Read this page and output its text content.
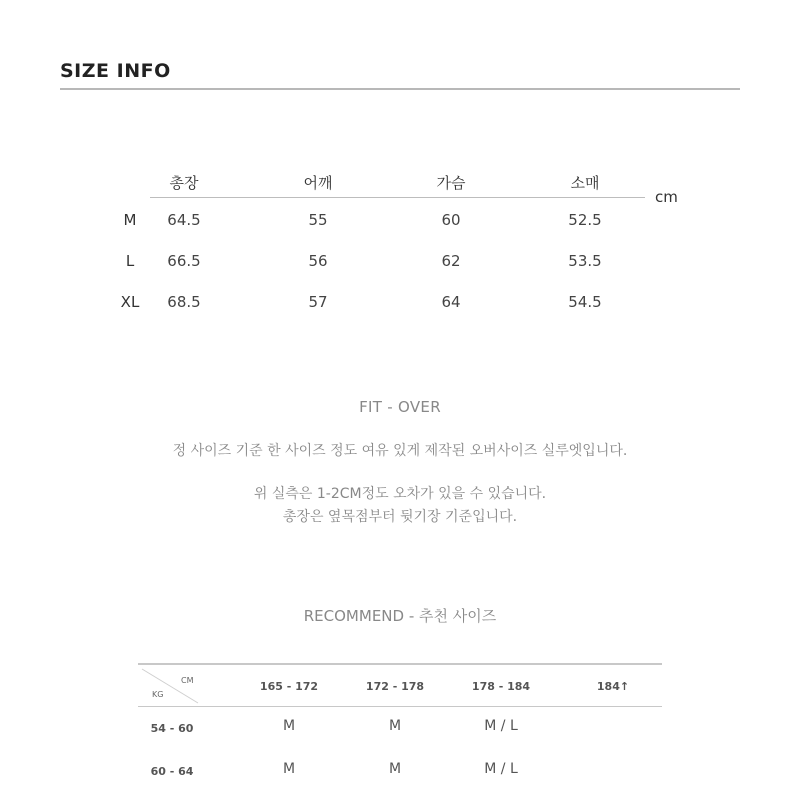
SIZE INFO
총장	어깨	가슴	소매
cm
M	64.5	55	60	52.5
L	66.5	56	62	53.5
XL	68.5	57	64	54.5
FIT - OVER
정 사이즈 기준 한 사이즈 정도 여유 있게 제작된 오버사이즈 실루엣입니다.
위 실측은 1-2CM정도 오차가 있을 수 있습니다.
총장은 옆목점부터 뒷기장 기준입니다.
RECOMMEND - 추천 사이즈
CM
KG
165 - 172	172 - 178	178 - 184	184↑
54 - 60	M	M	M / L
60 - 64	M	M	M / L
